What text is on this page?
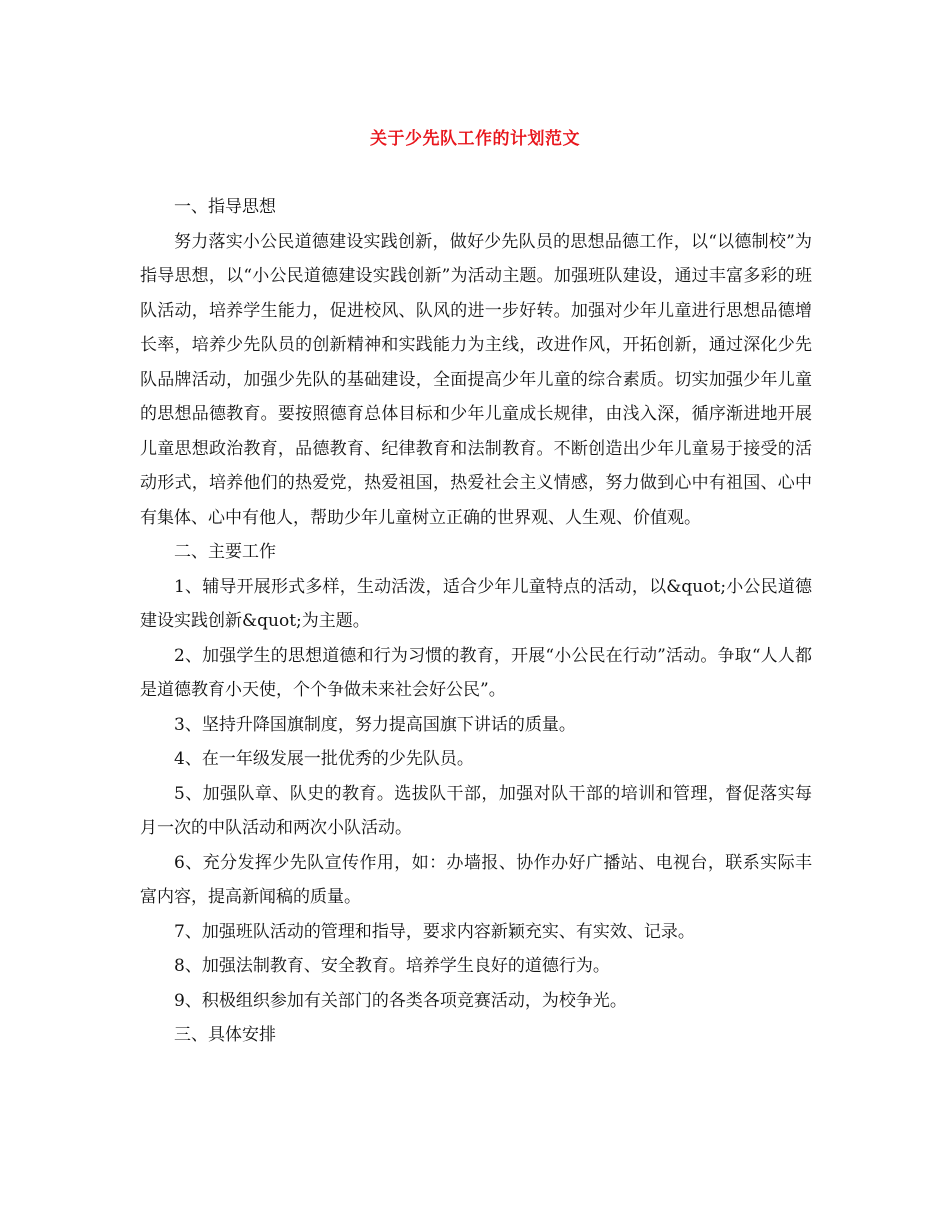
关于少先队工作的计划范文

一、指导思想

努力落实小公民道德建设实践创新，做好少先队员的思想品德工作，以“以德制校”为指导思想，以“小公民道德建设实践创新”为活动主题。加强班队建设，通过丰富多彩的班队活动，培养学生能力，促进校风、队风的进一步好转。加强对少年儿童进行思想品德增长率，培养少先队员的创新精神和实践能力为主线，改进作风，开拓创新，通过深化少先队品牌活动，加强少先队的基础建设，全面提高少年儿童的综合素质。切实加强少年儿童的思想品德教育。要按照德育总体目标和少年儿童成长规律，由浅入深，循序渐进地开展儿童思想政治教育，品德教育、纪律教育和法制教育。不断创造出少年儿童易于接受的活动形式，培养他们的热爱党，热爱祖国，热爱社会主义情感，努力做到心中有祖国、心中有集体、心中有他人，帮助少年儿童树立正确的世界观、人生观、价值观。

二、主要工作

1、辅导开展形式多样，生动活泼，适合少年儿童特点的活动，以&quot;小公民道德建设实践创新&quot;为主题。

2、加强学生的思想道德和行为习惯的教育，开展“小公民在行动”活动。争取“人人都是道德教育小天使，个个争做未来社会好公民”。

3、坚持升降国旗制度，努力提高国旗下讲话的质量。

4、在一年级发展一批优秀的少先队员。

5、加强队章、队史的教育。选拔队干部，加强对队干部的培训和管理，督促落实每月一次的中队活动和两次小队活动。

6、充分发挥少先队宣传作用，如：办墙报、协作办好广播站、电视台，联系实际丰富内容，提高新闻稿的质量。

7、加强班队活动的管理和指导，要求内容新颖充实、有实效、记录。

8、加强法制教育、安全教育。培养学生良好的道德行为。

9、积极组织参加有关部门的各类各项竞赛活动，为校争光。

三、具体安排
